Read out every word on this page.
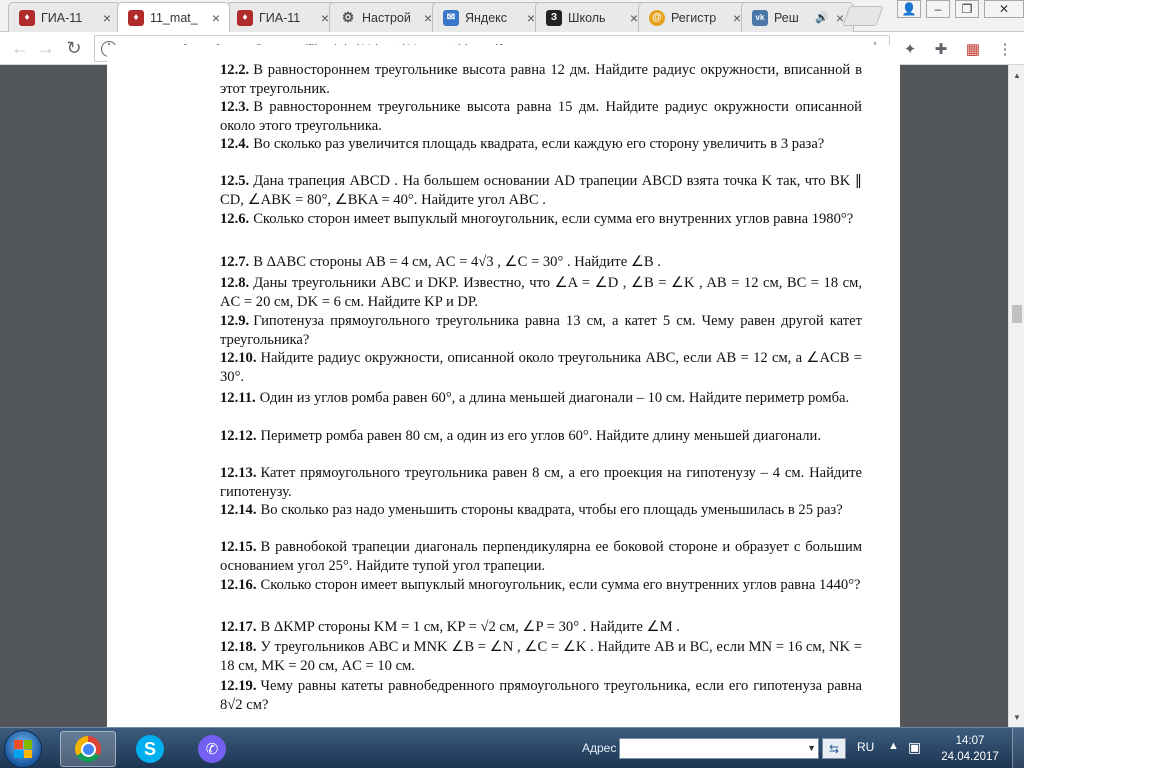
♦ ГИА-11	×	♦ 11_mat_	×	♦ ГИА-11	× ⚙ Настрой ×	✉ Яндекс	×	З Школь	×	@ Регистр	×	vk Реш	🔊 ×
👤	–	❐	✕
← → ↻	✦	✚	▦ ⋮
12.2. В равностороннем треугольнике высота равна 12 дм. Найдите радиус окружности, вписанной в этот треугольник.
12.3. В равностороннем треугольнике высота равна 15 дм. Найдите радиус окружности описанной около этого треугольника.
12.4. Во сколько раз увеличится площадь квадрата, если каждую его сторону увеличить в 3 раза?
12.5. Дана трапеция ABCD . На большем основании AD трапеции ABCD взята точка K так, что BK ∥ CD, ∠ABK = 80°, ∠BKA = 40°. Найдите угол ABC .
12.6. Сколько сторон имеет выпуклый многоугольник, если сумма его внутренних углов равна 1980°?
12.7. В ΔABC стороны AB = 4 см, AC = 4√3 , ∠C = 30° . Найдите ∠B .
12.8. Даны треугольники ABC и DKP. Известно, что ∠A = ∠D , ∠B = ∠K , AB = 12 см, BC = 18 см, AC = 20 см, DK = 6 см. Найдите KP и DP.
12.9. Гипотенуза прямоугольного треугольника равна 13 см, а катет 5 см. Чему равен другой катет треугольника?
12.10. Найдите радиус окружности, описанной около треугольника ABC, если AB = 12 см, а ∠ACB = 30°.
12.11. Один из углов ромба равен 60°, а длина меньшей диагонали – 10 см. Найдите периметр ромба.
12.12. Периметр ромба равен 80 см, а один из его углов 60°. Найдите длину меньшей диагонали.
12.13. Катет прямоугольного треугольника равен 8 см, а его проекция на гипотенузу – 4 см. Найдите гипотенузу.
12.14. Во сколько раз надо уменьшить стороны квадрата, чтобы его площадь уменьшилась в 25 раз?
12.15. В равнобокой трапеции диагональ перпендикулярна ее боковой стороне и образует с большим основанием угол 25°. Найдите тупой угол трапеции.
12.16. Сколько сторон имеет выпуклый многоугольник, если сумма его внутренних углов равна 1440°?
12.17. В ΔKMP стороны KM = 1 см, KP = √2 см, ∠P = 30° . Найдите ∠M .
12.18. У треугольников ABC и MNK ∠B = ∠N , ∠C = ∠K . Найдите AB и BC, если MN = 16 см, NK = 18 см, MK = 20 см, AC = 10 см.
12.19. Чему равны катеты равнобедренного прямоугольного треугольника, если его гипотенуза равна 8√2 см?
▲
▼
S	✆	Адрес	▼ ⇆ RU ▲ ▣	14:07
24.04.2017
